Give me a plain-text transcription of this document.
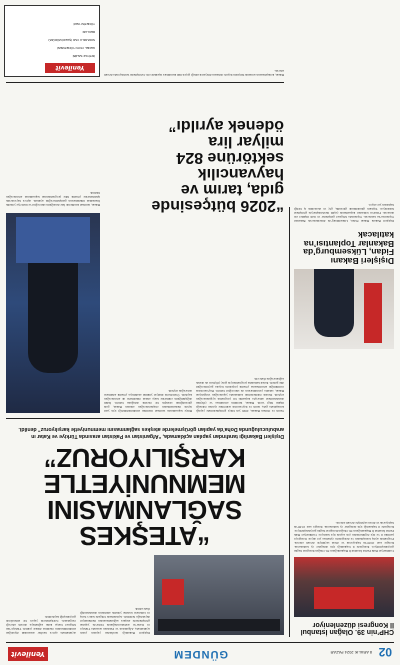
02
8 ARALIK 2024 PAZAR
GÜNDEM
Yenilevit
CHP’nin 39. Olağan İstanbul
İl Kongresi düzenleniyor
Cumhuriyet Halk Partisi İstanbul İl Başkanlığının 39. Olağan Kongresi bugün gerçekleştiriliyor. Kongrede il başkanlığı için delegeler oy kullanacak. Kongre saat 10.00’da başlayacak ve divan seçimiyle devam edecek. Programda açılış konuşmaları ve delegelerin oylaması yer alıyor. Kongreye partinin il ve ilçe örgütlerinden çok sayıda üye katılıyor. Cumhuriyet Halk Partisi İstanbul İl Başkanlığının 39. Olağan Kongresi bugün gerçekleştiriliyor. Kongrede il başkanlığı için delegeler oy kullanacak. Kongre saat 10.00’da başlayacak ve divan seçimiyle devam edecek.
Dışişleri Bakanı
Fidan, Lüksemburg’da
Bakanlar Toplantısı’na
katılacak
Dışişleri Bakanı Hakan Fidan, Lüksemburg’da düzenlenecek Bakanlar Toplantısı’na katılacak. Toplantıda bölgesel gelişmeler ve ikili ilişkiler ele alınacak. Fidan’ın temasları kapsamında çeşitli mevkidaşlarıyla görüşmesi bekleniyor. Toplantı gündeminde güvenlik, göç ve ekonomik iş birliği başlıkları yer alıyor.
Dışişleri Bakanlığı tarafından yapılan yazılı açıklamada, Afganistan ve Pakistan arasında Türkiye ve Katar’ın arabuluculuğunda Doha’da yapılan görüşmelerde ateşkes sağlanmasından memnuniyet duyulduğu belirtildi. Açıklamada bölgede kalıcı barış ve istikrarın tesisine yönelik adımların desteklendiği ifade edildi.
Açıklamada ayrıca taraflar arasındaki diyaloğun sürdürülmesinin önemine dikkat çekildi. Türkiye’nin bölgesel barışa katkı sağlamaya devam edeceği vurgulandı. Görüşmelerin yapıcı bir atmosferde gerçekleştiği kaydedildi.
“ATEŞKES
SAĞLANMASINI
MEMNUNİYETLE
KARŞILIYORUZ”
Dışişleri Bakanlığı tarafından yapılan açıklamada, “Afganistan ve Pakistan arasında Türkiye ve Katar ın arabuluculuğunda Doha’da yapılan görüşmelerde ateşkes sağlanmasını memnuniyetle karşılıyoruz” denildi.
Tarım ve Orman Bakanı, 2026 yılı bütçe görüşmelerinde yaptığı konuşmada gıda, tarım ve hayvancılık sektörüne ayrılan ödeneğe ilişkin bilgi verdi. Bakan, üretimin artırılması ve çiftçinin desteklenmesi amacıyla kapsamlı bir programın uygulanacağını söyledi. Destek ödemelerinin zamanında yapılacağını vurgulayan Bakan, sulama yatırımlarının da süreceğini belirtti. Hayvancılıkta verimliliğin artırılmasına yönelik projelerin hayata geçirileceğini dile getirdi. Kırsal kalkınma programlarıyla genç çiftçilere ek destek sağlanacağını ifade etti.
Bütçe kapsamında tarımsal üretimin sürdürülebilirliği için yeni teşvik mekanizmaları oluşturulacağını anlatan Bakan, gıda güvenliğinin stratejik bir öncelik olduğunu belirtti. İklim değişikliğinin etkilerine karşı alınan önlemlerin de artırılacağını kaydetti. Üreticilerin maliyet yükünü azaltmaya yönelik adımların atılacağını söyledi.
“2026 bütçesinde
gıda, tarım ve
hayvancılık
sektörüne 824
milyar lira
ödenek ayrıldı”
Bakan, tarımsal kredilerde faiz desteğinin süreceğini ve üreticiye yönelik finansman imkânlarının genişletileceğini açıkladı. Ayrıca hayvancılık işletmelerine yönelik hibe programlarının kapsamının artırılacağını bildirdi.
Bakan, konuşmasının sonunda bütçenin hayırlı olmasını dileyerek emeği geçen tüm kurumlara teşekkür etti. Görüşmeler komisyonda devam edecek.
Yenilevit
İMTİYAZ SAHİBİ
GENEL YAYIN YÖNETMENİ
SORUMLU YAZI İŞLERİ MÜDÜRÜ
REKLAM
YÖNETİM YERİ
